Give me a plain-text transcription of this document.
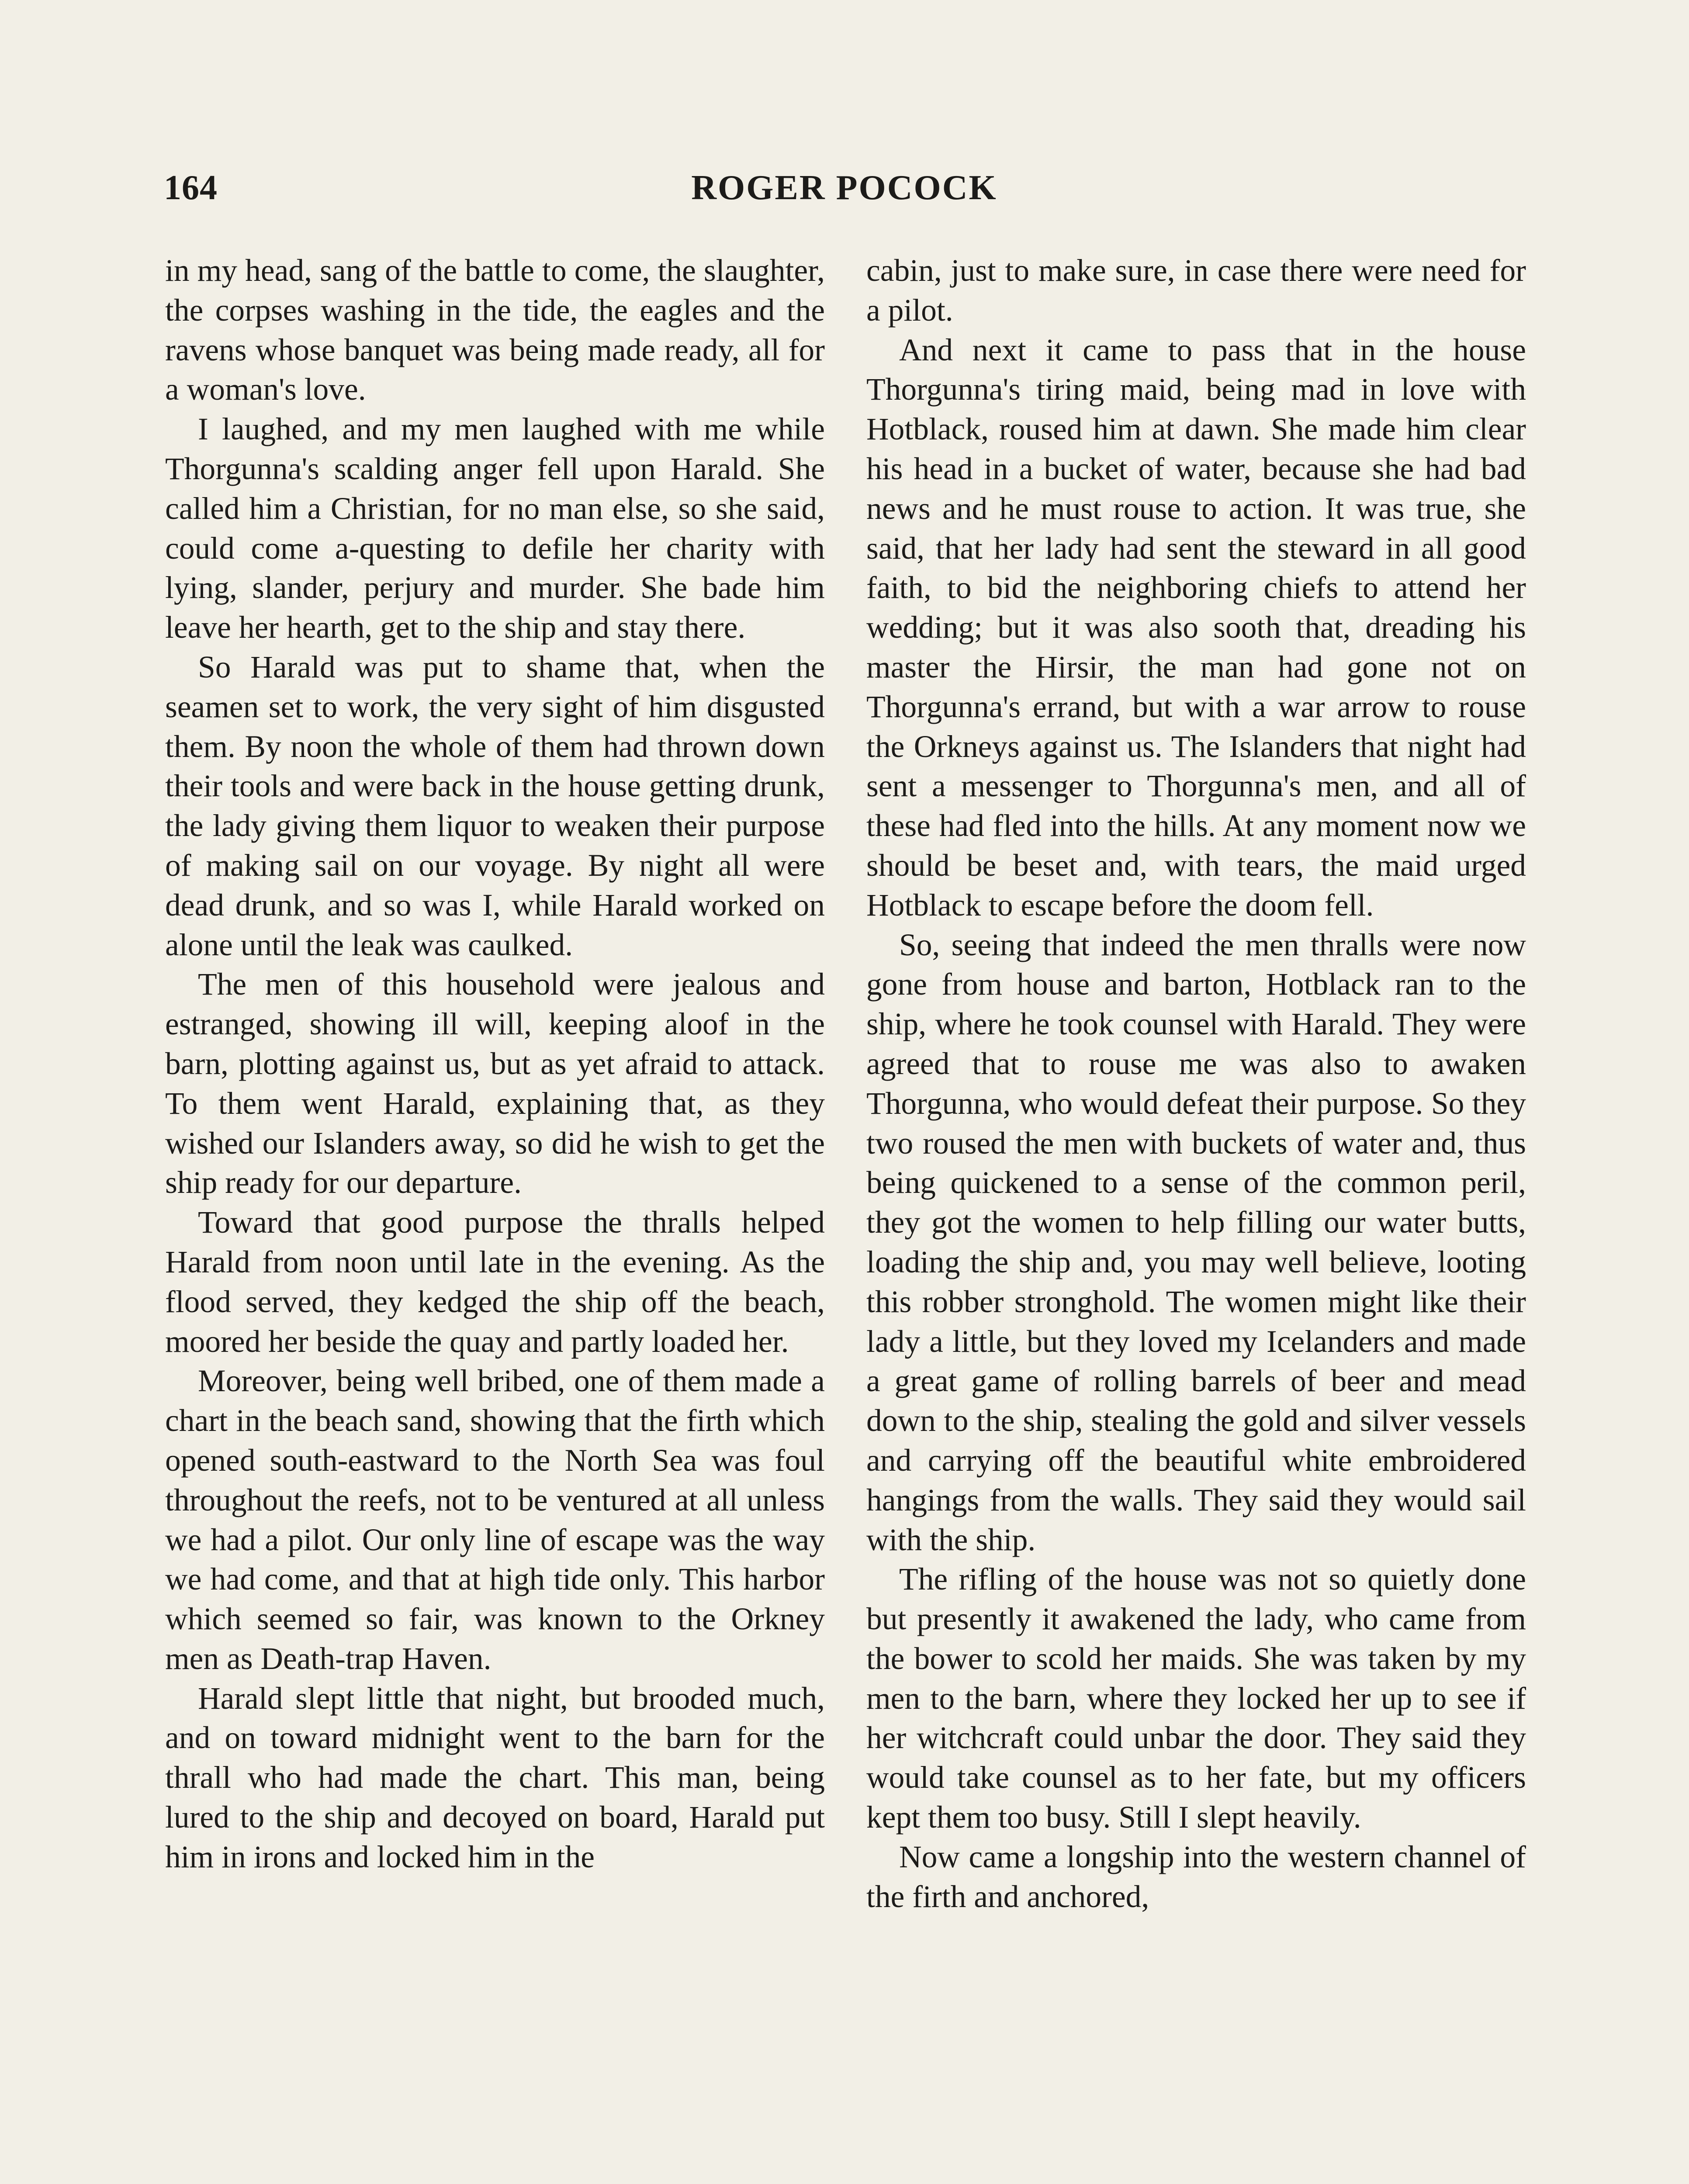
164	ROGER POCOCK

in my head, sang of the battle to come, the slaughter, the corpses washing in the tide, the eagles and the ravens whose banquet was being made ready, all for a woman's love.

I laughed, and my men laughed with me while Thorgunna's scalding anger fell upon Harald. She called him a Christian, for no man else, so she said, could come a-questing to defile her charity with lying, slander, perjury and murder. She bade him leave her hearth, get to the ship and stay there.

So Harald was put to shame that, when the seamen set to work, the very sight of him disgusted them. By noon the whole of them had thrown down their tools and were back in the house getting drunk, the lady giving them liquor to weaken their purpose of making sail on our voyage. By night all were dead drunk, and so was I, while Harald worked on alone until the leak was caulked.

The men of this household were jealous and estranged, showing ill will, keeping aloof in the barn, plotting against us, but as yet afraid to attack. To them went Harald, explaining that, as they wished our Islanders away, so did he wish to get the ship ready for our departure.

Toward that good purpose the thralls helped Harald from noon until late in the evening. As the flood served, they kedged the ship off the beach, moored her beside the quay and partly loaded her.

Moreover, being well bribed, one of them made a chart in the beach sand, showing that the firth which opened south-eastward to the North Sea was foul throughout the reefs, not to be ventured at all unless we had a pilot. Our only line of escape was the way we had come, and that at high tide only. This harbor which seemed so fair, was known to the Orkney men as Death-trap Haven.

Harald slept little that night, but brooded much, and on toward midnight went to the barn for the thrall who had made the chart. This man, being lured to the ship and decoyed on board, Harald put him in irons and locked him in the

cabin, just to make sure, in case there were need for a pilot.

And next it came to pass that in the house Thorgunna's tiring maid, being mad in love with Hotblack, roused him at dawn. She made him clear his head in a bucket of water, because she had bad news and he must rouse to action. It was true, she said, that her lady had sent the steward in all good faith, to bid the neighboring chiefs to attend her wedding; but it was also sooth that, dreading his master the Hirsir, the man had gone not on Thorgunna's errand, but with a war arrow to rouse the Orkneys against us. The Islanders that night had sent a messenger to Thorgunna's men, and all of these had fled into the hills. At any moment now we should be beset and, with tears, the maid urged Hotblack to escape before the doom fell.

So, seeing that indeed the men thralls were now gone from house and barton, Hotblack ran to the ship, where he took counsel with Harald. They were agreed that to rouse me was also to awaken Thorgunna, who would defeat their purpose. So they two roused the men with buckets of water and, thus being quickened to a sense of the common peril, they got the women to help filling our water butts, loading the ship and, you may well believe, looting this robber stronghold. The women might like their lady a little, but they loved my Icelanders and made a great game of rolling barrels of beer and mead down to the ship, stealing the gold and silver vessels and carrying off the beautiful white embroidered hangings from the walls. They said they would sail with the ship.

The rifling of the house was not so quietly done but presently it awakened the lady, who came from the bower to scold her maids. She was taken by my men to the barn, where they locked her up to see if her witchcraft could unbar the door. They said they would take counsel as to her fate, but my officers kept them too busy. Still I slept heavily.

Now came a longship into the western channel of the firth and anchored,
